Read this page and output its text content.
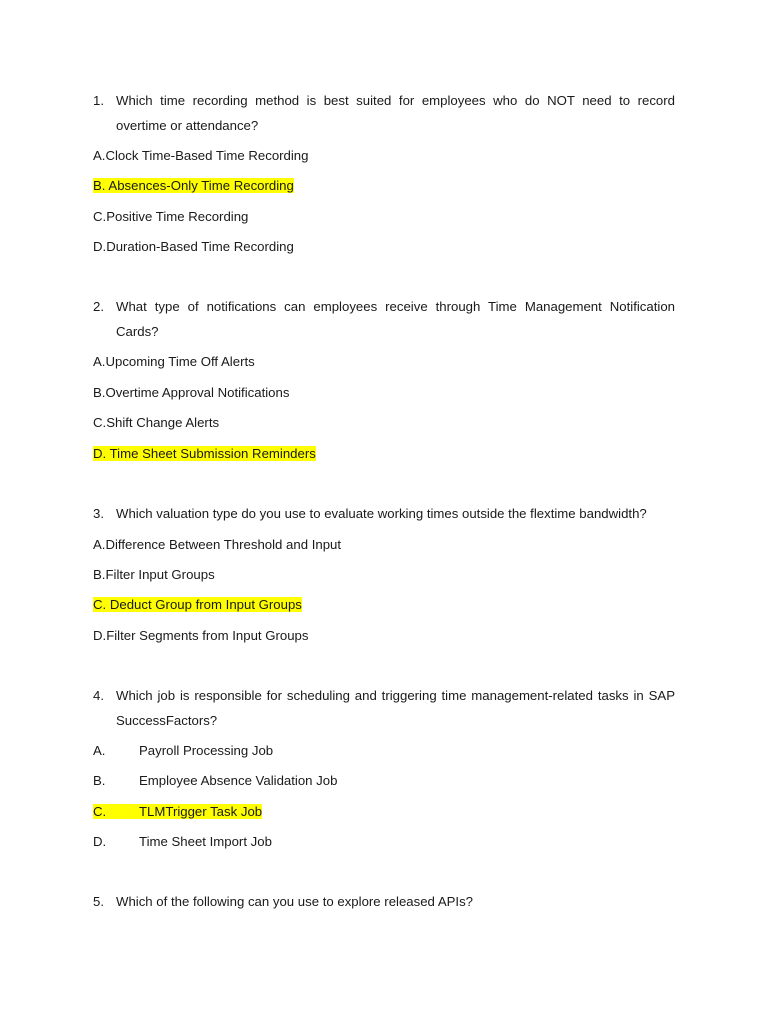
1. Which time recording method is best suited for employees who do NOT need to record overtime or attendance?
A.Clock Time-Based Time Recording
B. Absences-Only Time Recording
C.Positive Time Recording
D.Duration-Based Time Recording
2. What type of notifications can employees receive through Time Management Notification Cards?
A.Upcoming Time Off Alerts
B.Overtime Approval Notifications
C.Shift Change Alerts
D. Time Sheet Submission Reminders
3. Which valuation type do you use to evaluate working times outside the flextime bandwidth?
A.Difference Between Threshold and Input
B.Filter Input Groups
C. Deduct Group from Input Groups
D.Filter Segments from Input Groups
4. Which job is responsible for scheduling and triggering time management-related tasks in SAP SuccessFactors?
A.	Payroll Processing Job
B.	Employee Absence Validation Job
C. TLMTrigger Task Job
D. Time Sheet Import Job
5. Which of the following can you use to explore released APIs?
